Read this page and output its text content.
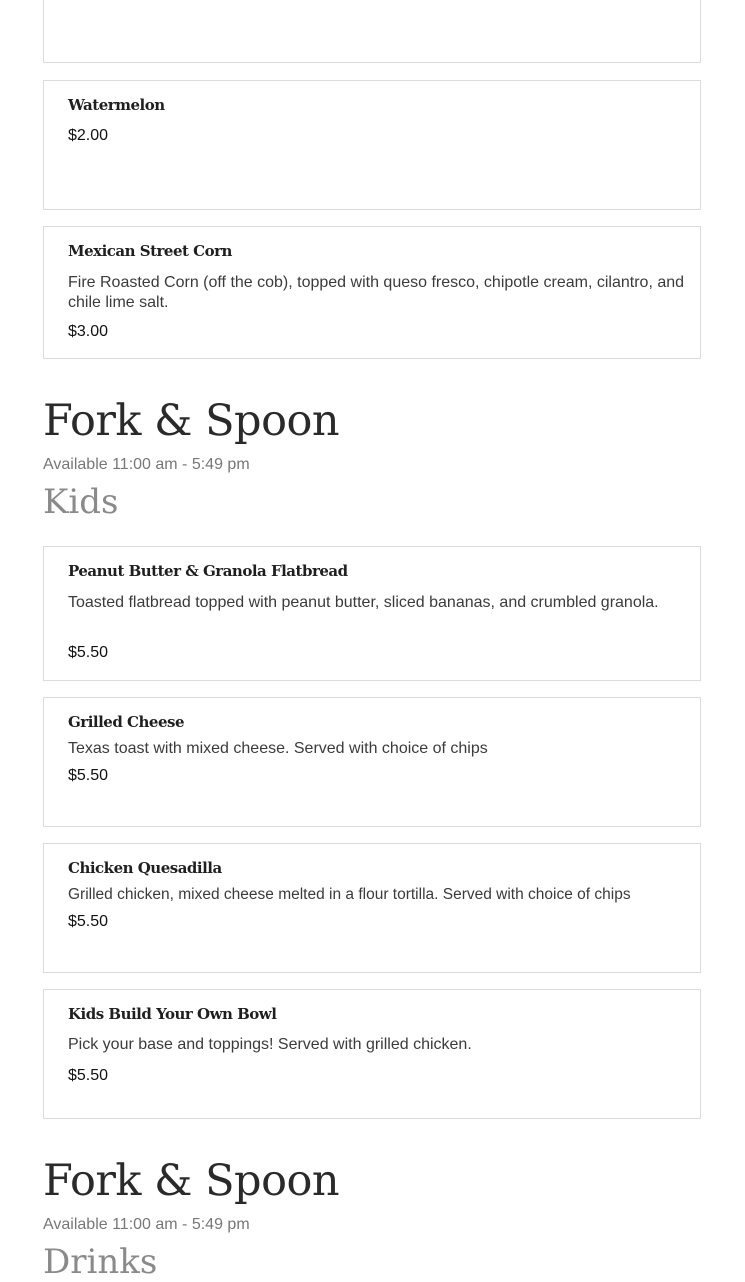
Watermelon
$2.00
Mexican Street Corn
Fire Roasted Corn (off the cob), topped with queso fresco, chipotle cream, cilantro, and chile lime salt.
$3.00
Fork & Spoon
Available 11:00 am - 5:49 pm
Kids
Peanut Butter & Granola Flatbread
Toasted flatbread topped with peanut butter, sliced bananas, and crumbled granola.
$5.50
Grilled Cheese
Texas toast with mixed cheese. Served with choice of chips
$5.50
Chicken Quesadilla
Grilled chicken, mixed cheese melted in a flour tortilla. Served with choice of chips
$5.50
Kids Build Your Own Bowl
Pick your base and toppings! Served with grilled chicken.
$5.50
Fork & Spoon
Available 11:00 am - 5:49 pm
Drinks
